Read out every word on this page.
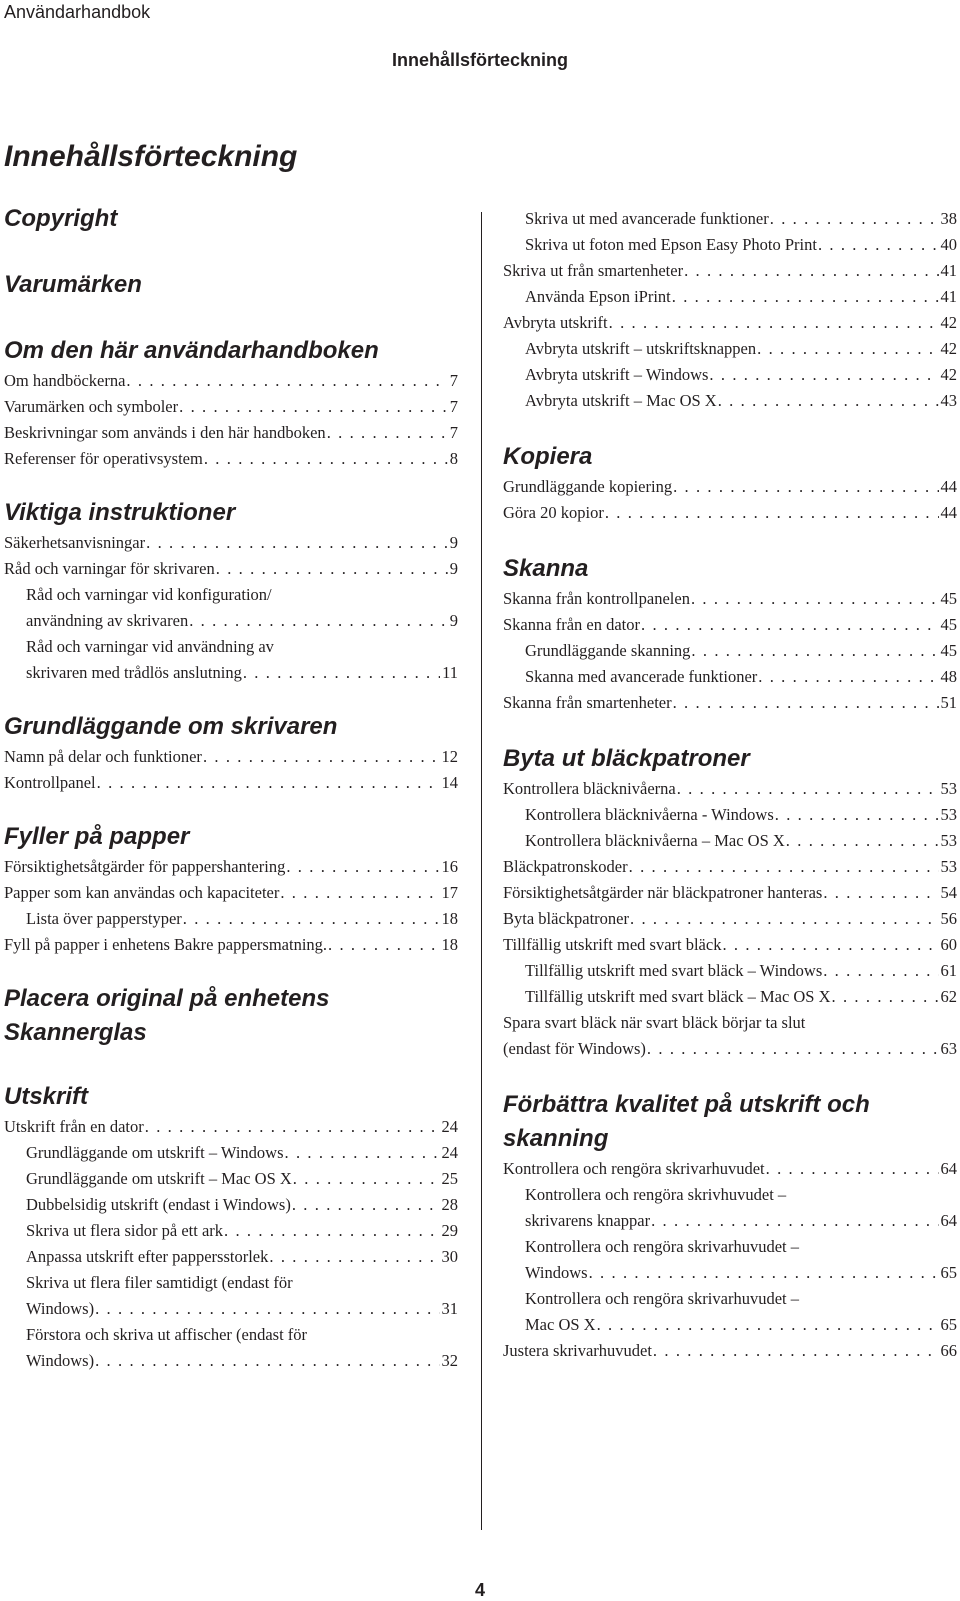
Användarhandbok
Innehållsförteckning
Innehållsförteckning
Copyright
Varumärken
Om den här användarhandboken
Om handböckerna . . .	7
Varumärken och symboler . . .	7
Beskrivningar som används i den här handboken . . .	7
Referenser för operativsystem . . .	8
Viktiga instruktioner
Säkerhetsanvisningar . . .	9
Råd och varningar för skrivaren . . .	9
Råd och varningar vid konfiguration/
användning av skrivaren . . .	9
Råd och varningar vid användning av
skrivaren med trådlös anslutning . . .	11
Grundläggande om skrivaren
Namn på delar och funktioner . . .	12
Kontrollpanel . . .	14
Fyller på papper
Försiktighetsåtgärder för pappershantering . . .	16
Papper som kan användas och kapaciteter . . .	17
Lista över papperstyper . . .	18
Fyll på papper i enhetens Bakre pappersmatning. . . .	18
Placera original på enhetens
Skannerglas
Utskrift
Utskrift från en dator . . .	24
Grundläggande om utskrift – Windows . . .	24
Grundläggande om utskrift – Mac OS X . . .	25
Dubbelsidig utskrift (endast i Windows) . . .	28
Skriva ut flera sidor på ett ark . . .	29
Anpassa utskrift efter pappersstorlek . . .	30
Skriva ut flera filer samtidigt (endast för
Windows) . . .	31
Förstora och skriva ut affischer (endast för
Windows) . . .	32
Skriva ut med avancerade funktioner . . .	38
Skriva ut foton med Epson Easy Photo Print . . .	40
Skriva ut från smartenheter . . .	41
Använda Epson iPrint . . .	41
Avbryta utskrift . . .	42
Avbryta utskrift – utskriftsknappen . . .	42
Avbryta utskrift – Windows . . .	42
Avbryta utskrift – Mac OS X . . .	43
Kopiera
Grundläggande kopiering . . .	44
Göra 20 kopior . . .	44
Skanna
Skanna från kontrollpanelen . . .	45
Skanna från en dator . . .	45
Grundläggande skanning . . .	45
Skanna med avancerade funktioner . . .	48
Skanna från smartenheter . . .	51
Byta ut bläckpatroner
Kontrollera bläcknivåerna . . .	53
Kontrollera bläcknivåerna - Windows . . .	53
Kontrollera bläcknivåerna – Mac OS X . . .	53
Bläckpatronskoder . . .	53
Försiktighetsåtgärder när bläckpatroner hanteras . . .	54
Byta bläckpatroner . . .	56
Tillfällig utskrift med svart bläck . . .	60
Tillfällig utskrift med svart bläck – Windows . . .	61
Tillfällig utskrift med svart bläck – Mac OS X . . .	62
Spara svart bläck när svart bläck börjar ta slut
(endast för Windows) . . .	63
Förbättra kvalitet på utskrift och
skanning
Kontrollera och rengöra skrivarhuvudet . . .	64
Kontrollera och rengöra skrivhuvudet –
skrivarens knappar . . .	64
Kontrollera och rengöra skrivarhuvudet –
Windows . . .	65
Kontrollera och rengöra skrivarhuvudet –
Mac OS X . . .	65
Justera skrivarhuvudet . . .	66
4
